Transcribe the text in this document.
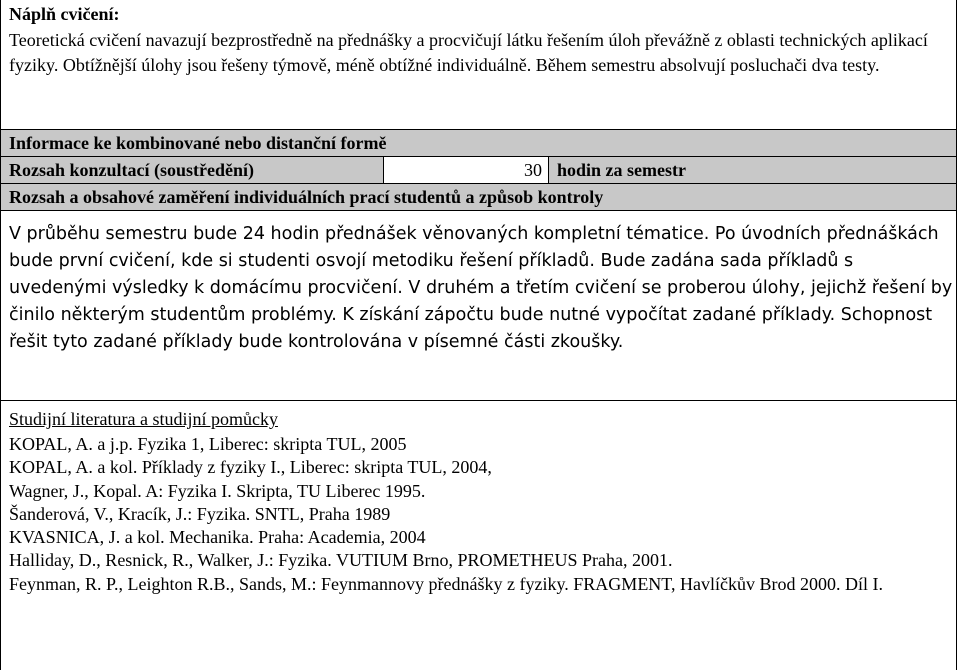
Náplň cvičení:
Teoretická cvičení navazují bezprostředně na přednášky a procvičují látku řešením úloh převážně z oblasti technických aplikací fyziky. Obtížnější úlohy jsou řešeny týmově, méně obtížné individuálně. Během semestru absolvují posluchači dva testy.
Informace ke kombinované nebo distanční formě
Rozsah konzultací (soustředění)	30 hodin za semestr
Rozsah a obsahové zaměření individuálních prací studentů a způsob kontroly
V průběhu semestru bude 24 hodin přednášek věnovaných kompletní tématice. Po úvodních přednáškách bude první cvičení, kde si studenti osvojí metodiku řešení příkladů. Bude zadána sada příkladů s uvedenými výsledky k domácímu procvičení. V druhém a třetím cvičení se proberou úlohy, jejichž řešení by činilo některým studentům problémy. K získání zápočtu bude nutné vypočítat zadané příklady. Schopnost řešit tyto zadané příklady bude kontrolována v písemné části zkoušky.
Studijní literatura a studijní pomůcky
KOPAL, A. a j.p. Fyzika 1, Liberec: skripta TUL, 2005
KOPAL, A. a kol. Příklady z fyziky I., Liberec: skripta TUL, 2004,
Wagner, J., Kopal. A: Fyzika I. Skripta, TU Liberec 1995.
Šanderová, V., Kracík, J.: Fyzika. SNTL, Praha 1989
KVASNICA, J. a kol. Mechanika. Praha: Academia, 2004
Halliday, D., Resnick, R., Walker, J.: Fyzika. VUTIUM Brno, PROMETHEUS Praha, 2001.
Feynman, R. P., Leighton R.B., Sands, M.: Feynmannovy přednášky z fyziky. FRAGMENT, Havlíčkův Brod 2000. Díl I.
